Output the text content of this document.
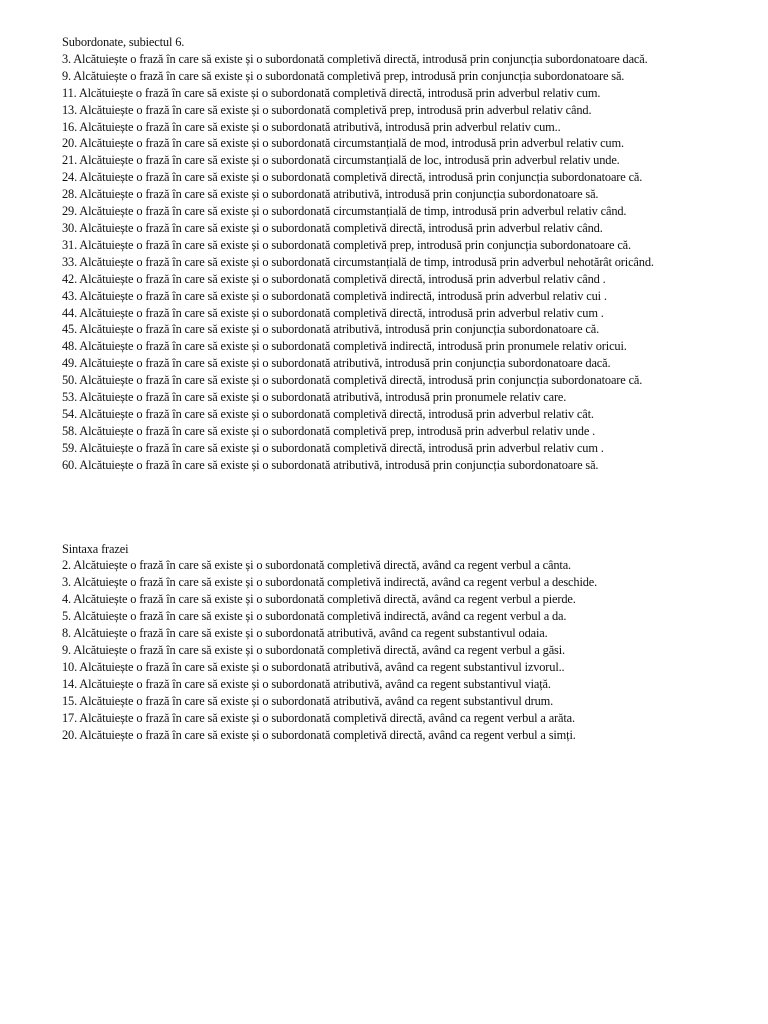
Subordonate, subiectul 6.

3. Alcătuiește o frază în care să existe și o subordonată completivă directă, introdusă prin conjuncția subordonatoare dacă.

9. Alcătuiește o frază în care să existe și o subordonată completivă prep, introdusă prin conjuncția subordonatoare să.

11. Alcătuiește o frază în care să existe și o subordonată completivă directă, introdusă prin adverbul relativ cum.

13. Alcătuiește o frază în care să existe și o subordonată completivă prep, introdusă prin adverbul relativ când.

16. Alcătuiește o frază în care să existe și o subordonată atributivă, introdusă prin adverbul relativ cum..

20. Alcătuiește o frază în care să existe și o subordonată circumstanțială de mod, introdusă prin adverbul relativ cum.

21. Alcătuiește o frază în care să existe și o subordonată circumstanțială de loc, introdusă prin adverbul relativ unde.

24. Alcătuiește o frază în care să existe și o subordonată completivă directă, introdusă prin conjuncția subordonatoare că.

28. Alcătuiește o frază în care să existe și o subordonată atributivă, introdusă prin conjuncția subordonatoare să.

29. Alcătuiește o frază în care să existe și o subordonată circumstanțială de timp, introdusă prin adverbul relativ când.

30. Alcătuiește o frază în care să existe și o subordonată completivă directă, introdusă prin adverbul relativ când.

31. Alcătuiește o frază în care să existe și o subordonată completivă prep, introdusă prin conjuncția subordonatoare că.

33. Alcătuiește o frază în care să existe și o subordonată circumstanțială de timp, introdusă prin adverbul nehotărât oricând.

42. Alcătuiește o frază în care să existe și o subordonată completivă directă, introdusă prin adverbul relativ când .

43. Alcătuiește o frază în care să existe și o subordonată completivă indirectă, introdusă prin adverbul relativ cui .

44. Alcătuiește o frază în care să existe și o subordonată completivă directă, introdusă prin adverbul relativ cum .

45. Alcătuiește o frază în care să existe și o subordonată atributivă, introdusă prin conjuncția subordonatoare că.

48. Alcătuiește o frază în care să existe și o subordonată completivă indirectă, introdusă prin pronumele relativ oricui.

49. Alcătuiește o frază în care să existe și o subordonată atributivă, introdusă prin conjuncția subordonatoare dacă.

50. Alcătuiește o frază în care să existe și o subordonată completivă directă, introdusă prin conjuncția subordonatoare că.

53. Alcătuiește o frază în care să existe și o subordonată atributivă, introdusă prin pronumele relativ care.

54. Alcătuiește o frază în care să existe și o subordonată completivă directă, introdusă prin adverbul relativ cât.

58. Alcătuiește o frază în care să existe și o subordonată completivă prep, introdusă prin adverbul relativ unde .

59. Alcătuiește o frază în care să existe și o subordonată completivă directă, introdusă prin adverbul relativ cum .

60. Alcătuiește o frază în care să existe și o subordonată atributivă, introdusă prin conjuncția subordonatoare să.

Sintaxa frazei

2. Alcătuiește o frază în care să existe și o subordonată completivă directă, având ca regent verbul a cânta.

3. Alcătuiește o frază în care să existe și o subordonată completivă indirectă, având ca regent verbul a deschide.

4. Alcătuiește o frază în care să existe și o subordonată completivă directă, având ca regent verbul a pierde.

5. Alcătuiește o frază în care să existe și o subordonată completivă indirectă, având ca regent verbul a da.

8. Alcătuiește o frază în care să existe și o subordonată atributivă, având ca regent substantivul odaia.

9. Alcătuiește o frază în care să existe și o subordonată completivă directă, având ca regent verbul a găsi.

10. Alcătuiește o frază în care să existe și o subordonată atributivă, având ca regent substantivul izvorul..

14. Alcătuiește o frază în care să existe și o subordonată atributivă, având ca regent substantivul viață.

15. Alcătuiește o frază în care să existe și o subordonată atributivă, având ca regent substantivul drum.

17. Alcătuiește o frază în care să existe și o subordonată completivă directă, având ca regent verbul a arăta.

20. Alcătuiește o frază în care să existe și o subordonată completivă directă, având ca regent verbul a simți.
